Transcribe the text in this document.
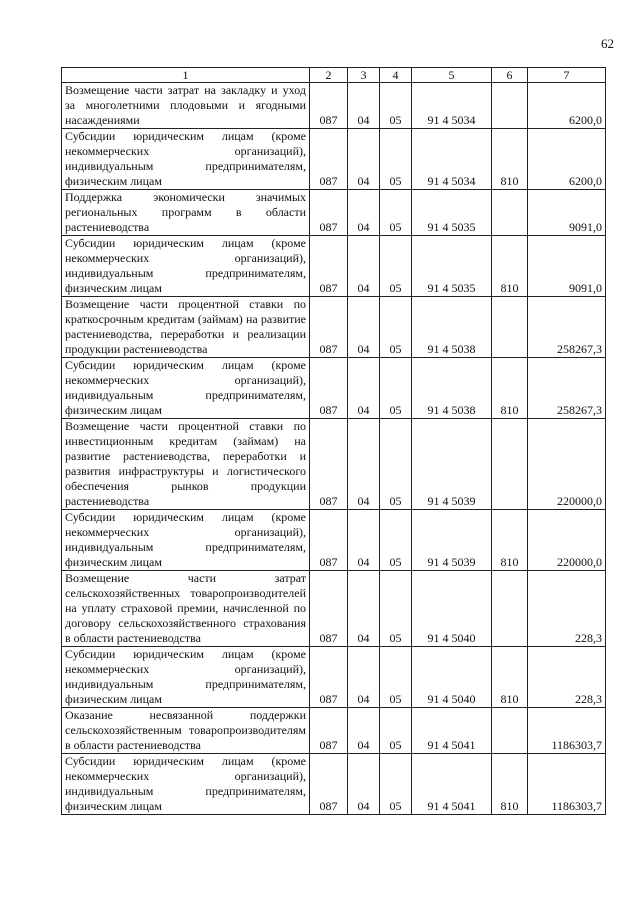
62
1	2	3	4	5	6	7
Возмещение части затрат на закладку и уход за многолетними плодовыми и ягодными насаждениями	087	04	05	91 4 5034		6200,0
Субсидии юридическим лицам (кроме некоммерческих организаций), индивидуальным предпринимателям, физическим лицам	087	04	05	91 4 5034	810	6200,0
Поддержка экономически значимых региональных программ в области растениеводства	087	04	05	91 4 5035		9091,0
Субсидии юридическим лицам (кроме некоммерческих организаций), индивидуальным предпринимателям, физическим лицам	087	04	05	91 4 5035	810	9091,0
Возмещение части процентной ставки по краткосрочным кредитам (займам) на развитие растениеводства, переработки и реализации продукции растениеводства	087	04	05	91 4 5038		258267,3
Субсидии юридическим лицам (кроме некоммерческих организаций), индивидуальным предпринимателям, физическим лицам	087	04	05	91 4 5038	810	258267,3
Возмещение части процентной ставки по инвестиционным кредитам (займам) на развитие растениеводства, переработки и развития инфраструктуры и логистического обеспечения рынков продукции растениеводства	087	04	05	91 4 5039		220000,0
Субсидии юридическим лицам (кроме некоммерческих организаций), индивидуальным предпринимателям, физическим лицам	087	04	05	91 4 5039	810	220000,0
Возмещение части затрат сельскохозяйственных товаропроизводителей на уплату страховой премии, начисленной по договору сельскохозяйственного страхования в области растениеводства	087	04	05	91 4 5040		228,3
Субсидии юридическим лицам (кроме некоммерческих организаций), индивидуальным предпринимателям, физическим лицам	087	04	05	91 4 5040	810	228,3
Оказание несвязанной поддержки сельскохозяйственным товаропроизводителям в области растениеводства	087	04	05	91 4 5041		1186303,7
Субсидии юридическим лицам (кроме некоммерческих организаций), индивидуальным предпринимателям, физическим лицам	087	04	05	91 4 5041	810	1186303,7
